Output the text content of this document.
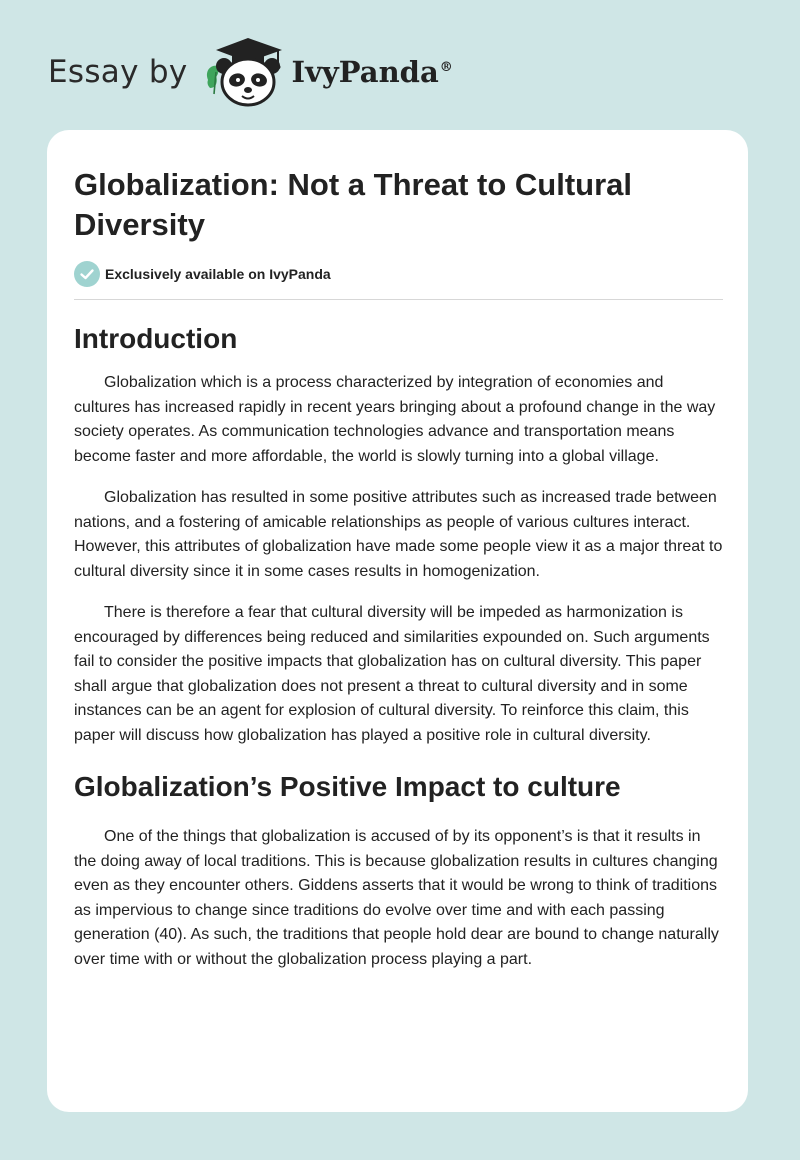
Essay by	IvyPanda®
Globalization: Not a Threat to Cultural Diversity
Exclusively available on IvyPanda
Introduction

Globalization which is a process characterized by integration of economies and cultures has increased rapidly in recent years bringing about a profound change in the way society operates. As communication technologies advance and transportation means become faster and more affordable, the world is slowly turning into a global village.

Globalization has resulted in some positive attributes such as increased trade between nations, and a fostering of amicable relationships as people of various cultures interact. However, this attributes of globalization have made some people view it as a major threat to cultural diversity since it in some cases results in homogenization.

There is therefore a fear that cultural diversity will be impeded as harmonization is encouraged by differences being reduced and similarities expounded on. Such arguments fail to consider the positive impacts that globalization has on cultural diversity. This paper shall argue that globalization does not present a threat to cultural diversity and in some instances can be an agent for explosion of cultural diversity. To reinforce this claim, this paper will discuss how globalization has played a positive role in cultural diversity.

Globalization’s Positive Impact to culture

One of the things that globalization is accused of by its opponent’s is that it results in the doing away of local traditions. This is because globalization results in cultures changing even as they encounter others. Giddens asserts that it would be wrong to think of traditions as impervious to change since traditions do evolve over time and with each passing generation (40). As such, the traditions that people hold dear are bound to change naturally over time with or without the globalization process playing a part.
